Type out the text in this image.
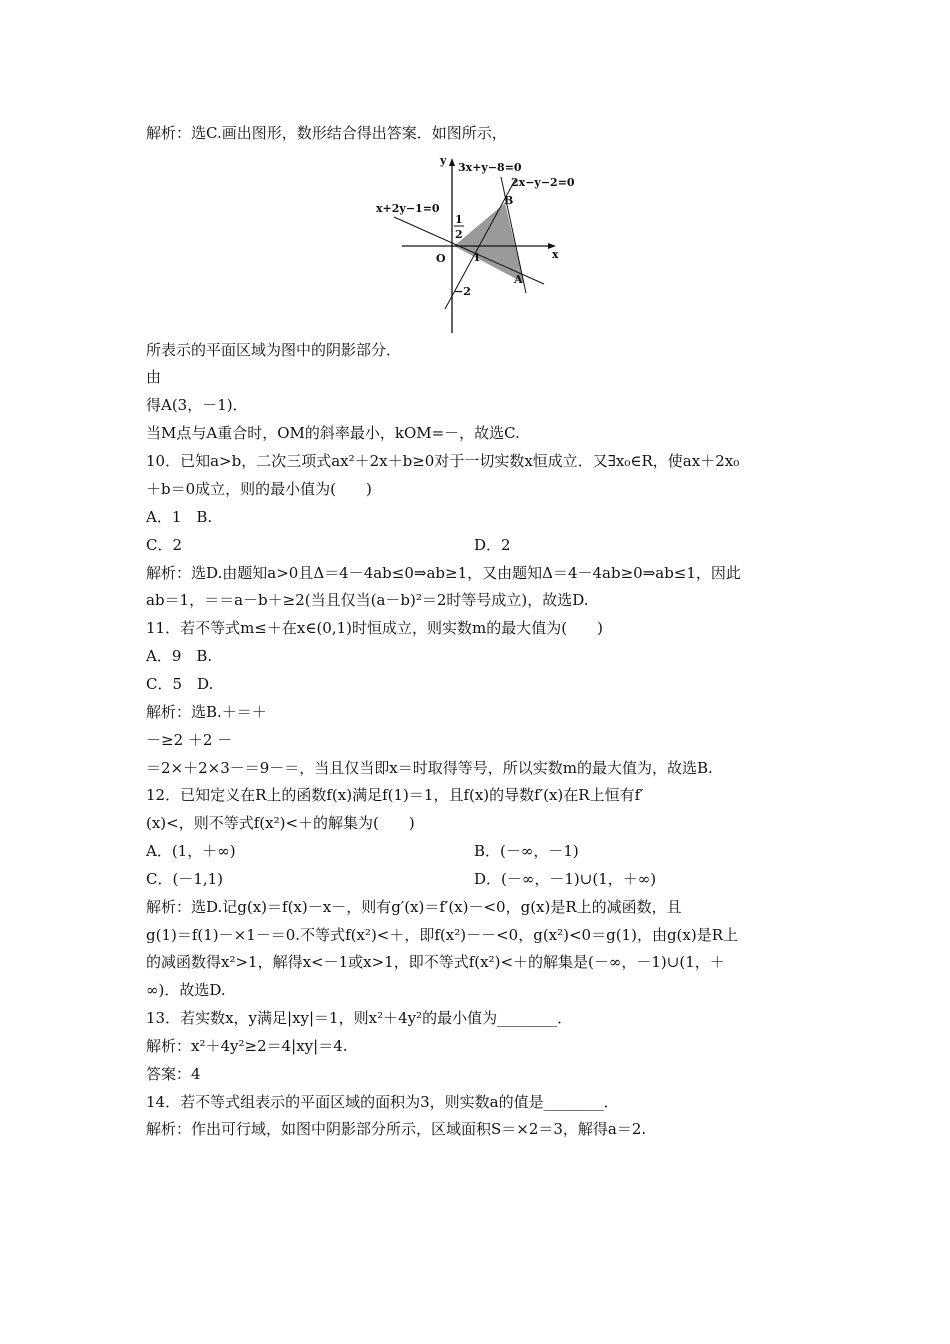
解析：选C.画出图形，数形结合得出答案．如图所示，
3x+y−8=0
2x−y−2=0
x+2y−1=0
B
A
O 1
1
2
−2
x
y
所表示的平面区域为图中的阴影部分．
由
得A(3，－1)．
当M点与A重合时，OM的斜率最小，kOM=－，故选C.
10．已知a>b，二次三项式ax²＋2x＋b≥0对于一切实数x恒成立．又∃x₀∈R，使ax＋2x₀
＋b＝0成立，则的最小值为(　　)
A．1　B.
C．2	D．2
解析：选D.由题知a>0且Δ＝4－4ab≤0⇒ab≥1，又由题知Δ＝4－4ab≥0⇒ab≤1，因此
ab＝1，＝＝a－b＋≥2(当且仅当(a－b)²＝2时等号成立)，故选D.
11．若不等式m≤＋在x∈(0,1)时恒成立，则实数m的最大值为(　　)
A．9　B.
C．5　D.
解析：选B.＋＝＋
－≥2 ＋2 －
＝2×＋2×3－＝9－＝，当且仅当即x＝时取得等号，所以实数m的最大值为，故选B.
12．已知定义在R上的函数f(x)满足f(1)＝1，且f(x)的导数f′(x)在R上恒有f′
(x)<，则不等式f(x²)<＋的解集为(　　)
A．(1，＋∞)	B．(－∞，－1)
C．(－1,1)	D．(－∞，－1)∪(1，＋∞)
解析：选D.记g(x)＝f(x)－x－，则有g′(x)＝f′(x)－<0，g(x)是R上的减函数，且
g(1)＝f(1)－×1－＝0.不等式f(x²)<＋，即f(x²)－－<0，g(x²)<0＝g(1)，由g(x)是R上
的减函数得x²>1，解得x<－1或x>1，即不等式f(x²)<＋的解集是(－∞，－1)∪(1，＋
∞)．故选D.
13．若实数x，y满足|xy|＝1，则x²＋4y²的最小值为________．
解析：x²＋4y²≥2＝4|xy|＝4.
答案：4
14．若不等式组表示的平面区域的面积为3，则实数a的值是________．
解析：作出可行域，如图中阴影部分所示，区域面积S＝×2＝3，解得a＝2.
